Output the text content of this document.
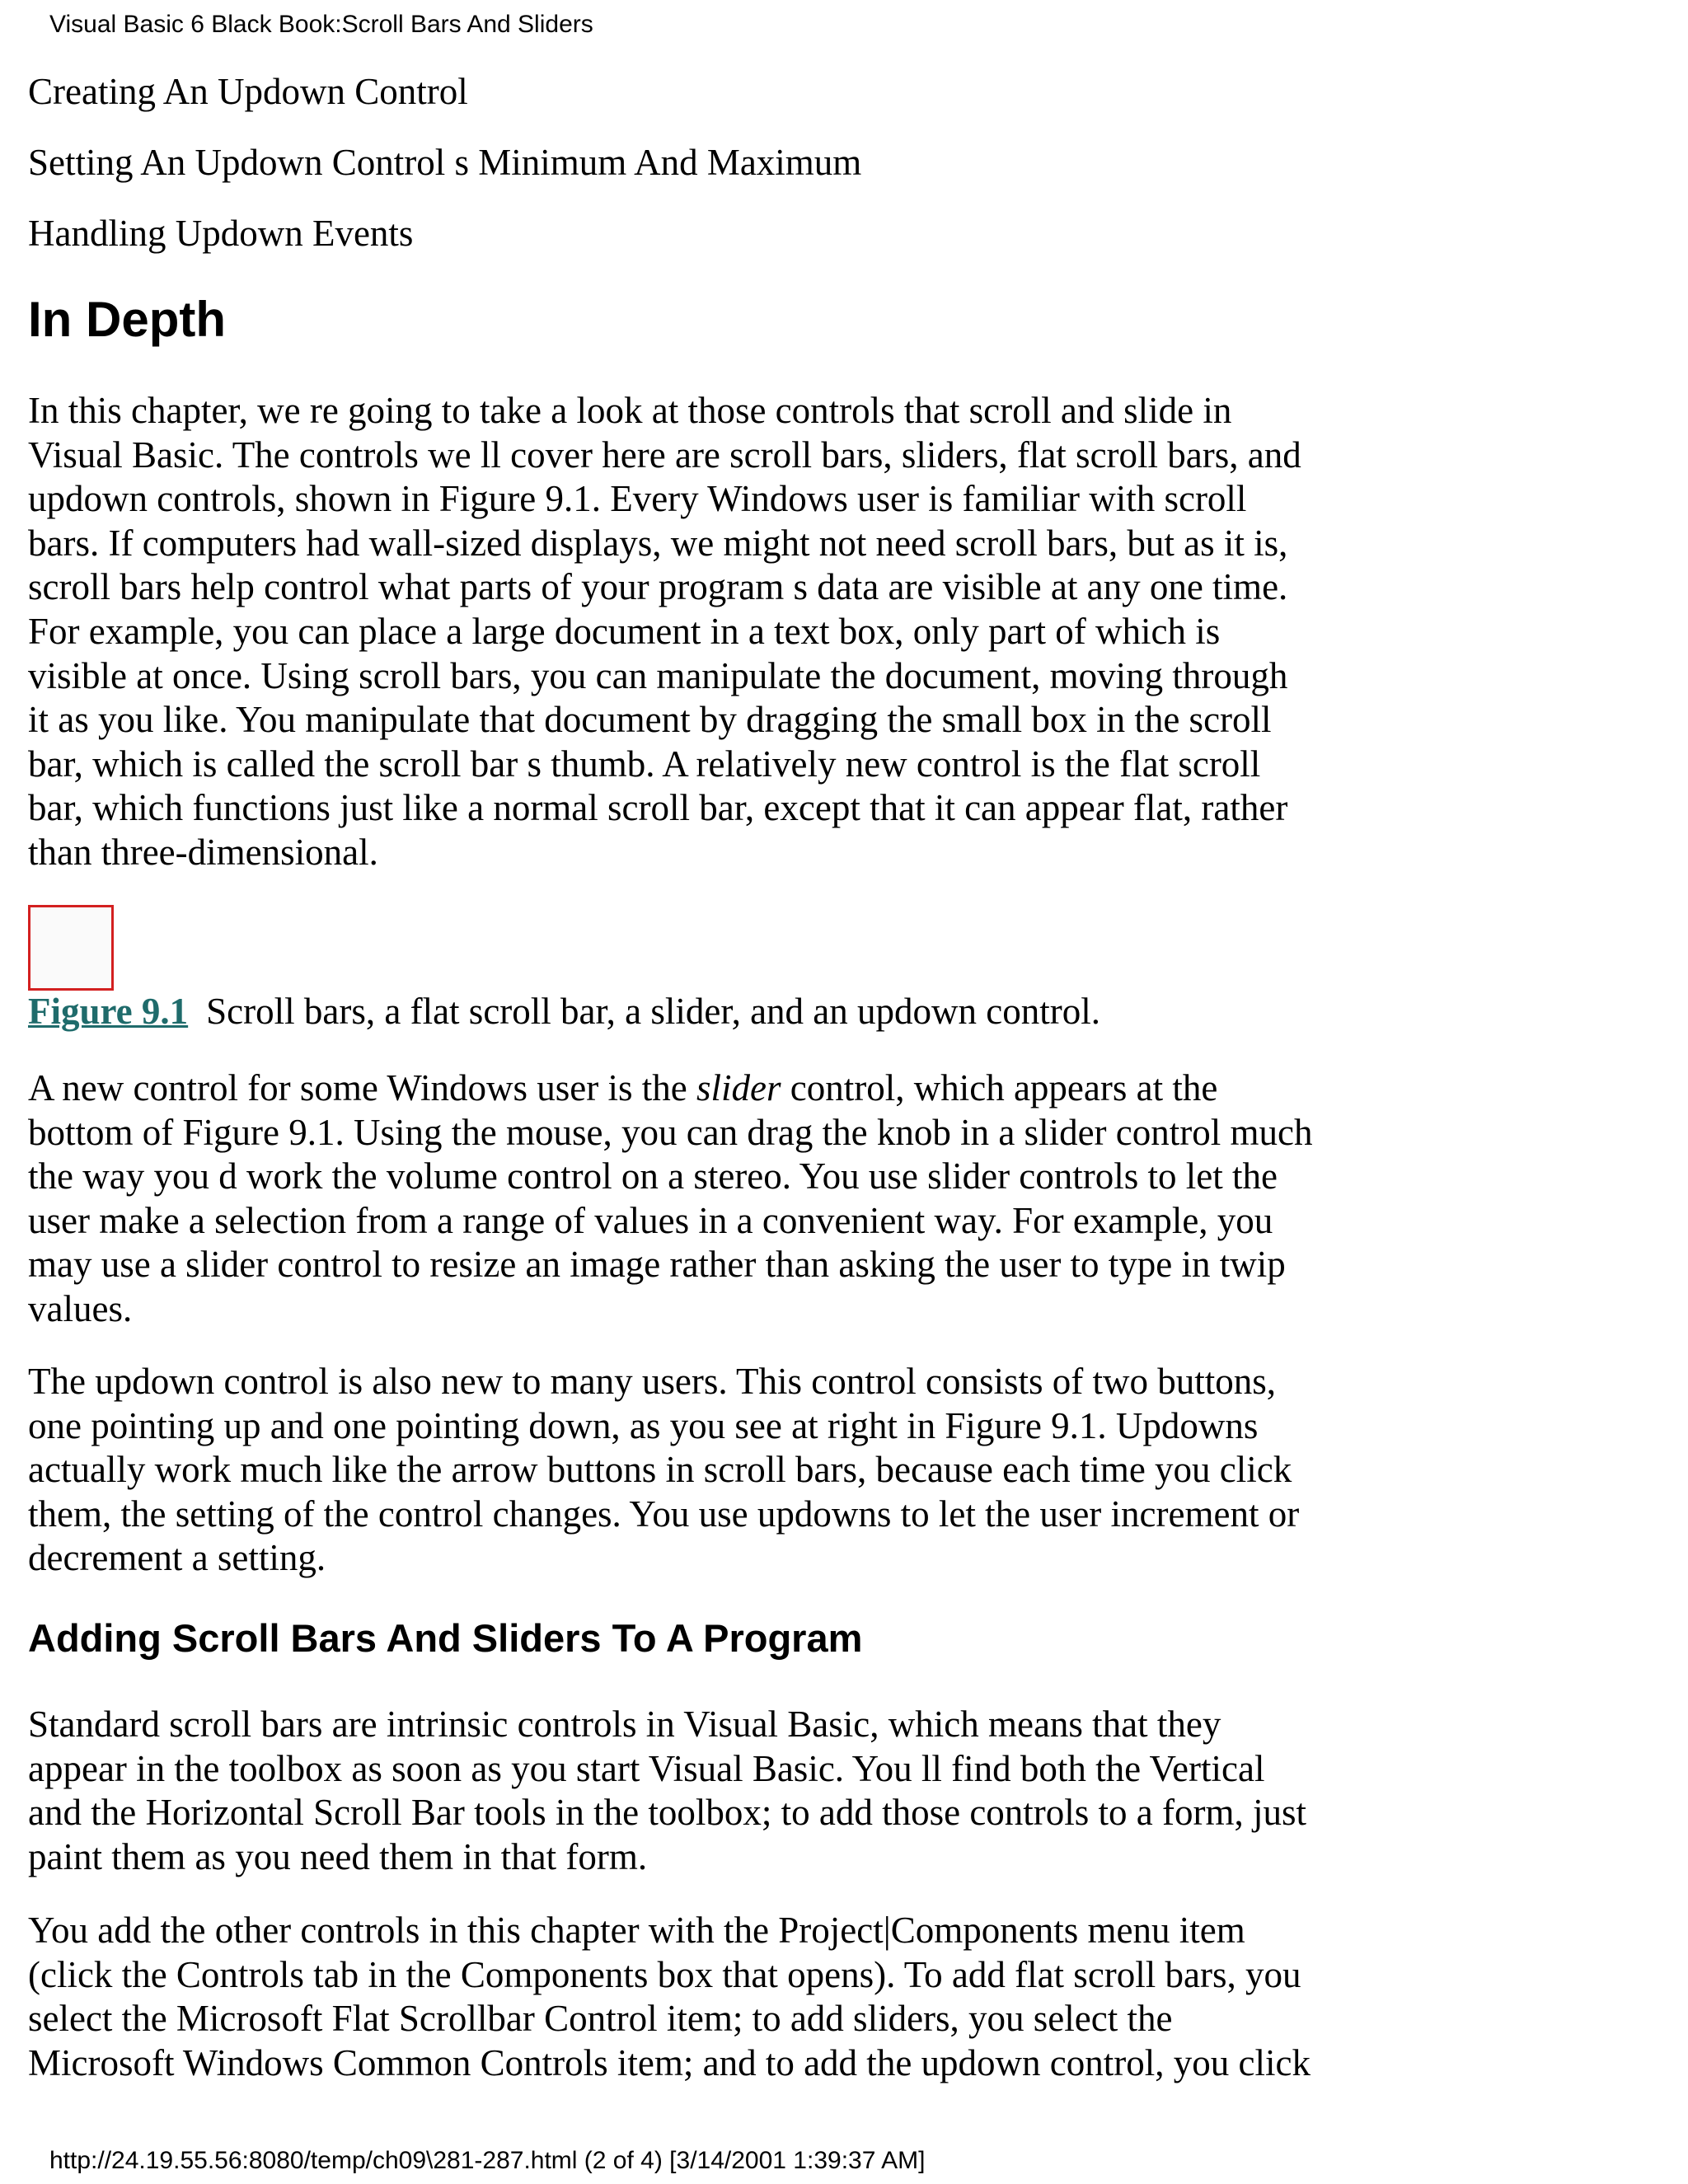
Visual Basic 6 Black Book:Scroll Bars And Sliders
Creating An Updown Control
Setting An Updown Control s Minimum And Maximum
Handling Updown Events
In Depth
In this chapter, we re going to take a look at those controls that scroll and slide in
Visual Basic. The controls we ll cover here are scroll bars, sliders, flat scroll bars, and
updown controls, shown in Figure 9.1. Every Windows user is familiar with scroll
bars. If computers had wall-sized displays, we might not need scroll bars, but as it is,
scroll bars help control what parts of your program s data are visible at any one time.
For example, you can place a large document in a text box, only part of which is
visible at once. Using scroll bars, you can manipulate the document, moving through
it as you like. You manipulate that document by dragging the small box in the scroll
bar, which is called the scroll bar s thumb. A relatively new control is the flat scroll
bar, which functions just like a normal scroll bar, except that it can appear flat, rather
than three-dimensional.
Figure 9.1 Scroll bars, a flat scroll bar, a slider, and an updown control.
A new control for some Windows user is the slider control, which appears at the
bottom of Figure 9.1. Using the mouse, you can drag the knob in a slider control much
the way you d work the volume control on a stereo. You use slider controls to let the
user make a selection from a range of values in a convenient way. For example, you
may use a slider control to resize an image rather than asking the user to type in twip
values.
The updown control is also new to many users. This control consists of two buttons,
one pointing up and one pointing down, as you see at right in Figure 9.1. Updowns
actually work much like the arrow buttons in scroll bars, because each time you click
them, the setting of the control changes. You use updowns to let the user increment or
decrement a setting.
Adding Scroll Bars And Sliders To A Program
Standard scroll bars are intrinsic controls in Visual Basic, which means that they
appear in the toolbox as soon as you start Visual Basic. You ll find both the Vertical
and the Horizontal Scroll Bar tools in the toolbox; to add those controls to a form, just
paint them as you need them in that form.
You add the other controls in this chapter with the Project|Components menu item
(click the Controls tab in the Components box that opens). To add flat scroll bars, you
select the Microsoft Flat Scrollbar Control item; to add sliders, you select the
Microsoft Windows Common Controls item; and to add the updown control, you click
http://24.19.55.56:8080/temp/ch09\281-287.html (2 of 4) [3/14/2001 1:39:37 AM]
